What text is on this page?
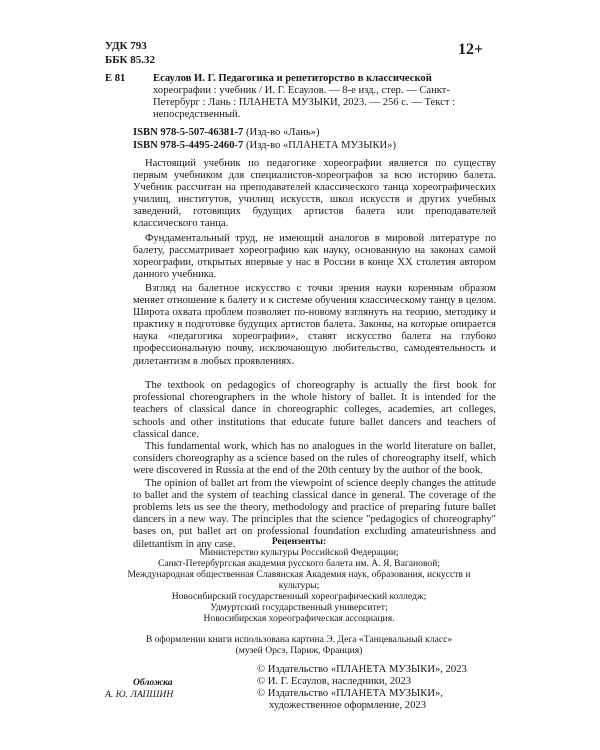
УДК 793
ББК 85.32
12+
Е 81	Есаулов И. Г. Педагогика и репетиторство в классической
хореографии : учебник / И. Г. Есаулов. — 8-е изд., стер. — Санкт-
Петербург : Лань : ПЛАНЕТА МУЗЫКИ, 2023. — 256 с. — Текст :
непосредственный.
ISBN 978-5-507-46381-7 (Изд-во «Лань»)
ISBN 978-5-4495-2460-7 (Изд-во «ПЛАНЕТА МУЗЫКИ»)

Настоящий учебник по педагогике хореографии является по существу первым учебником для специалистов-хореографов за всю историю балета. Учебник рассчитан на преподавателей классического танца хореографических училищ, институтов, училищ искусств, школ искусств и других учебных заведений, готовящих будущих артистов балета или преподавателей классического танца.

Фундаментальный труд, не имеющий аналогов в мировой литературе по балету, рассматривает хореографию как науку, основанную на законах самой хореографии, открытых впервые у нас в России в конце XX столетия автором данного учебника.

Взгляд на балетное искусство с точки зрения науки коренным образом меняет отношение к балету и к системе обучения классическому танцу в целом. Широта охвата проблем позволяет по-новому взглянуть на теорию, методику и практику в подготовке будущих артистов балета. Законы, на которые опирается наука «педагогика хореографии», ставят искусство балета на глубоко профессиональную почву, исключающую любительство, самодеятельность и дилетантизм в любых проявлениях.

The textbook on pedagogics of choreography is actually the first book for professional choreographers in the whole history of ballet. It is intended for the teachers of classical dance in choreographic colleges, academies, art colleges, schools and other institutions that educate future ballet dancers and teachers of classical dance.

This fundamental work, which has no analogues in the world literature on ballet, considers choreography as a science based on the rules of choreography itself, which were discovered in Russia at the end of the 20th century by the author of the book.

The opinion of ballet art from the viewpoint of science deeply changes the attitude to ballet and the system of teaching classical dance in general. The coverage of the problems lets us see the theory, methodology and practice of preparing future ballet dancers in a new way. The principles that the science "pedagogics of choreography" bases on, put ballet art on professional foundation excluding amateurishness and dilettantism in any case.	Рецензенты:
Министерство культуры Российской Федерации;
Санкт-Петербургская академия русского балета им. А. Я. Вагановой;
Международная общественная Славянская Академия наук, образования, искусств и
культуры;
Новосибирский государственный хореографический колледж;
Удмуртский государственный университет;
Новосибирская хореографическая ассоциация.
В оформлении книги использована картина Э. Дега «Танцевальный класс»
(музей Орсэ, Париж, Франция)
Обложка
А. Ю. ЛАПШИН
© Издательство «ПЛАНЕТА МУЗЫКИ», 2023
© И. Г. Есаулов, наследники, 2023
© Издательство «ПЛАНЕТА МУЗЫКИ»,
художественное оформление, 2023
